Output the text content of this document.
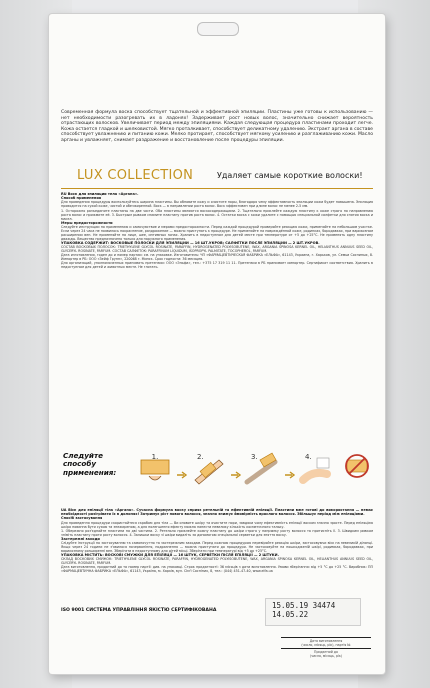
Современная формула воска способствует тщательной и эффективной эпиляции. Пластины уже готовы к использованию — нет необходимости разогревать их в ладонях! Задерживает рост новых волос, значительно снижает вероятность отрастающих волосков. Увеличивает период между эпиляциями. Каждая следующая процедура пластинами проходит легче. Кожа остается гладкой и шелковистой. Мягко проталкивает, способствует деликатному удалению. Экстракт аргана в составе способствует увлажнению и питанию кожи. Мелко протирает, способствует мягкому усилению и разглаживанию кожи. Масло арганы и увлажняет, снимает раздражение и восстановление после процедуры эпиляции.
LUX COLLECTION	Удаляет самые короткие волоски!
RU Воск для эпиляции тела «Аргана».
Способ применения
Для проведения процедуры воспользуйтесь ширина пластины. Вы обновите кожу и очистите поры, благодаря чему эффективность эпиляции кожи будет повышена. Эпиляция проводится на сухой коже, чистой и обезжиренной. Воск — в направлении роста волос. Воск эффективен при длине волос не менее 2-5 мм.
1. Осторожно разъедините пластины на две части. Оба пластины являются воскосодержащими. 2. Тщательно приклейте каждую пластину к коже строго по направлению роста волос и прижмите её. 3. Быстрым рывком снимите пластину против роста волос. 4. Остатки воска с кожи удалите с помощью специальной салфетки для снятия воска и масел.
Меры предосторожности
Следуйте инструкции по применению и самочувствие и мерами предосторожности. Перед каждой процедурой проверяйте реакцию кожи, применяйте на небольшом участке. Если через 24 часа не появилось покраснение, раздражение — можно приступать к процедуре. Не применяйте на повреждённой коже, родинках, бородавках, при варикозном расширении вен. Не применяйте на лице, шее, интимных зонах. Хранить в недоступном для детей месте при температуре от +5 до +25°С. Не применять одну пластину дважды. Вещество предназначено только для наружного применения.
УПАКОВКА СОДЕРЖИТ: ВОСКОВЫЕ ПОЛОСКИ ДЛЯ ЭПИЛЯЦИИ — 16 ШТ.УКРОВ; САЛФЕТКИ ПОСЛЕ ЭПИЛЯЦИИ — 2 ШТ.УКРОВ.
СОСТАВ ВОСКОВЫХ ПОЛОСОК: TRIETHYLENE GLYCOL ROSINATE, PARAFFIN, HYDROGENATED POLYISOBUTENE, WAX, ARGANIA SPINOSA KERNEL OIL, HELIANTHUS ANNUUS SEED OIL, GLYCERYL ROSINATE, PARFUM. СОСТАВ САЛФЕТОК: PARAFFINUM LIQUIDUM, ISOPROPYL PALMITATE, TOCOPHEROL, PARFUM.
Дата изготовления, годен до и номер партии: см. на упаковке. Изготовитель: ЧП «ФАРМАЦЕВТИЧЕСКАЯ ФАБРИКА «ЕЛЬФА», 61143, Украина, г. Харьков, ул. Семьи Сосниных, 8. Импортер в РБ: ООО «Зейф Групп», 220068 г. Минск. Срок годности: 36 месяцев.
Для организаций, уполномоченных принимать претензии: ООО «Эльфа», тел.: +375 17 319 11 11. Претензии в РБ принимает импортер. Сертификат соответствия. Хранить в недоступном для детей и животных месте. Не глотать.
Следуйте способу применения:
1.	2.	3.	4.
UA Віск для епіляції тіла «Аргана». Сучасна формула воску сприяє ретельній та ефективній епіляції. Пластини вже готові до використання — немає необхідності розігрівати їх в долонях! Затримує ріст нового волосся, значно знижує ймовірність врослого волосся. Збільшує період між епіляціями.
Спосіб застосування
Для проведення процедури скористайтеся скрабом для тіла — Ви оновите шкіру та очистите пори, завдяки чому ефективність епіляції воском значно зросте. Перед епіляцією шкіра повинна бути сухою та знежиреною, а для полегшення ефекту можна нанести невелику кількість косметичного тальку.
1. Обережно роз'єднайте пластини на дві частини. 2. Ретельно приклейте кожну пластину до шкіри строго у напрямку росту волосся та притисніть її. 3. Швидким ривком зніміть пластину проти росту волосся. 4. Залишки воску зі шкіри видаліть за допомогою спеціальної серветки для зняття воску.
Застережні заходи
Слідуйте інструкції по застосуванню та самопочуттю та застережним заходам. Перед кожною процедурою перевіряйте реакцію шкіри, застосовуючи віск на невеликій ділянці. Якщо через 24 години не з'явилося почервоніння, подразнення — можна приступати до процедури. Не застосовуйте на пошкодженій шкірі, родимках, бородавках, при варикозному розширенні вен. Зберігати в недоступному для дітей місці. Зберігати при температурі від +5 до +25°С.
УПАКОВКА МІСТИТЬ: ВОСКОВІ СМУЖКИ ДЛЯ ЕПІЛЯЦІЇ — 16 ШТУК, СЕРВЕТКИ ПІСЛЯ ЕПІЛЯЦІЇ — 2 ШТУКИ.
СКЛАД ВОСКОВИХ СМУЖОК: TRIETHYLENE GLYCOL ROSINATE, PARAFFIN, HYDROGENATED POLYISOBUTENE, WAX, ARGANIA SPINOSA KERNEL OIL, HELIANTHUS ANNUUS SEED OIL, GLYCERYL ROSINATE, PARFUM.
Дата виготовлення, придатний до та номер партії: див. на упаковці. Строк придатності: 36 місяців з дати виготовлення. Умови зберігання: від +5 °С до +25 °С. Виробник: ПП «ФАРМАЦЕВТИЧНА ФАБРИКА «ЕЛЬФА», 61143, Україна, м. Харків, вул. Сім'ї Сосніних, 8, тел.: (044) 451-47-40, www.elfa.ua
ISO 9001 СИСТЕМА УПРАВЛІННЯ ЯКІСТЮ СЕРТИФІКОВАНА
15.05.19 34474
14.05.22
Дата виготовлення
(число, місяць, рік), партія №
Придатний до
(число, місяць, рік)
